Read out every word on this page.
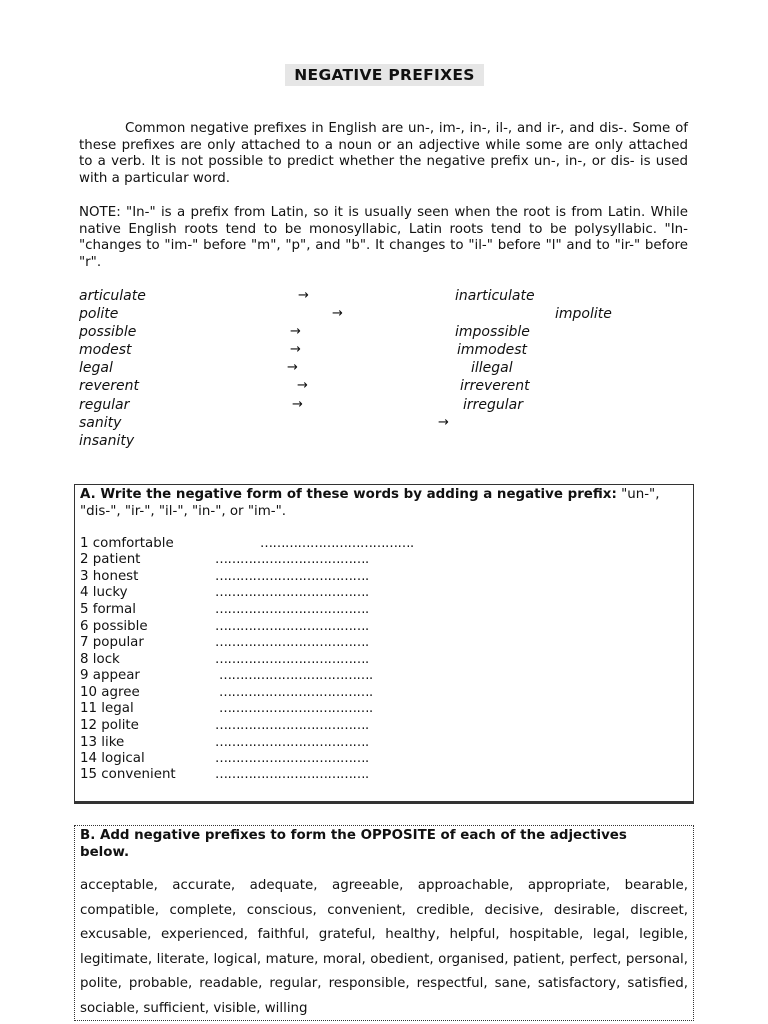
NEGATIVE PREFIXES

Common negative prefixes in English are un-, im-, in-, il-, and ir-, and dis-. Some of these prefixes are only attached to a noun or an adjective while some are only attached to a verb. It is not possible to predict whether the negative prefix un-, in-, or dis- is used with a particular word.

NOTE: "In-" is a prefix from Latin, so it is usually seen when the root is from Latin. While native English roots tend to be monosyllabic, Latin roots tend to be polysyllabic. "In-"changes to "im-" before "m", "p", and "b". It changes to "il-" before "l" and to "ir-" before "r".

articulate	→	inarticulate
polite	→	impolite
possible	→	impossible
modest	→	immodest
legal	→	illegal
reverent	→	irreverent
regular	→	irregular
sanity	→
insanity

A. Write the negative form of these words by adding a negative prefix: "un-", "dis-", "ir-", "il-", "in-", or "im-".

1 comfortable	……………………………….
2 patient	……………………………….
3 honest	……………………………….
4 lucky	……………………………….
5 formal	……………………………….
6 possible	……………………………….
7 popular	……………………………….
8 lock	……………………………….
9 appear	……………………………….
10 agree	……………………………….
11 legal	……………………………….
12 polite	……………………………….
13 like	……………………………….
14 logical	……………………………….
15 convenient	……………………………….

B. Add negative prefixes to form the OPPOSITE of each of the adjectives below.

acceptable, accurate, adequate, agreeable, approachable, appropriate, bearable, compatible, complete, conscious, convenient, credible, decisive, desirable, discreet, excusable, experienced, faithful, grateful, healthy, helpful, hospitable, legal, legible, legitimate, literate, logical, mature, moral, obedient, organised, patient, perfect, personal, polite, probable, readable, regular, responsible, respectful, sane, satisfactory, satisfied, sociable, sufficient, visible, willing
